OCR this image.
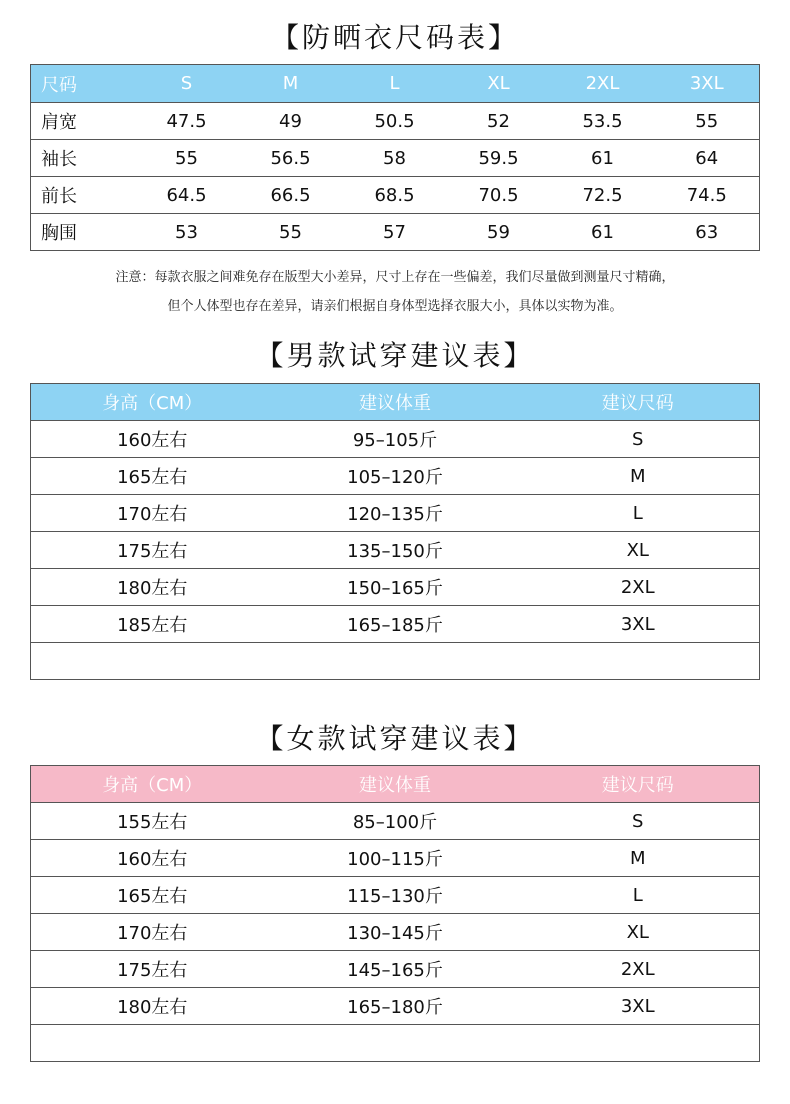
【防晒衣尺码表】
尺码	S	M	L	XL	2XL	3XL
肩宽	47.5	49	50.5	52	53.5	55
袖长	55	56.5	58	59.5	61	64
前长	64.5	66.5	68.5	70.5	72.5	74.5
胸围	53	55	57	59	61	63
注意：每款衣服之间难免存在版型大小差异，尺寸上存在一些偏差，我们尽量做到测量尺寸精确，
但个人体型也存在差异，请亲们根据自身体型选择衣服大小，具体以实物为准。
【男款试穿建议表】
身高（CM）	建议体重	建议尺码
160左右	95–105斤	S
165左右	105–120斤	M
170左右	120–135斤	L
175左右	135–150斤	XL
180左右	150–165斤	2XL
185左右	165–185斤	3XL

【女款试穿建议表】
身高（CM）	建议体重	建议尺码
155左右	85–100斤	S
160左右	100–115斤	M
165左右	115–130斤	L
170左右	130–145斤	XL
175左右	145–165斤	2XL
180左右	165–180斤	3XL
